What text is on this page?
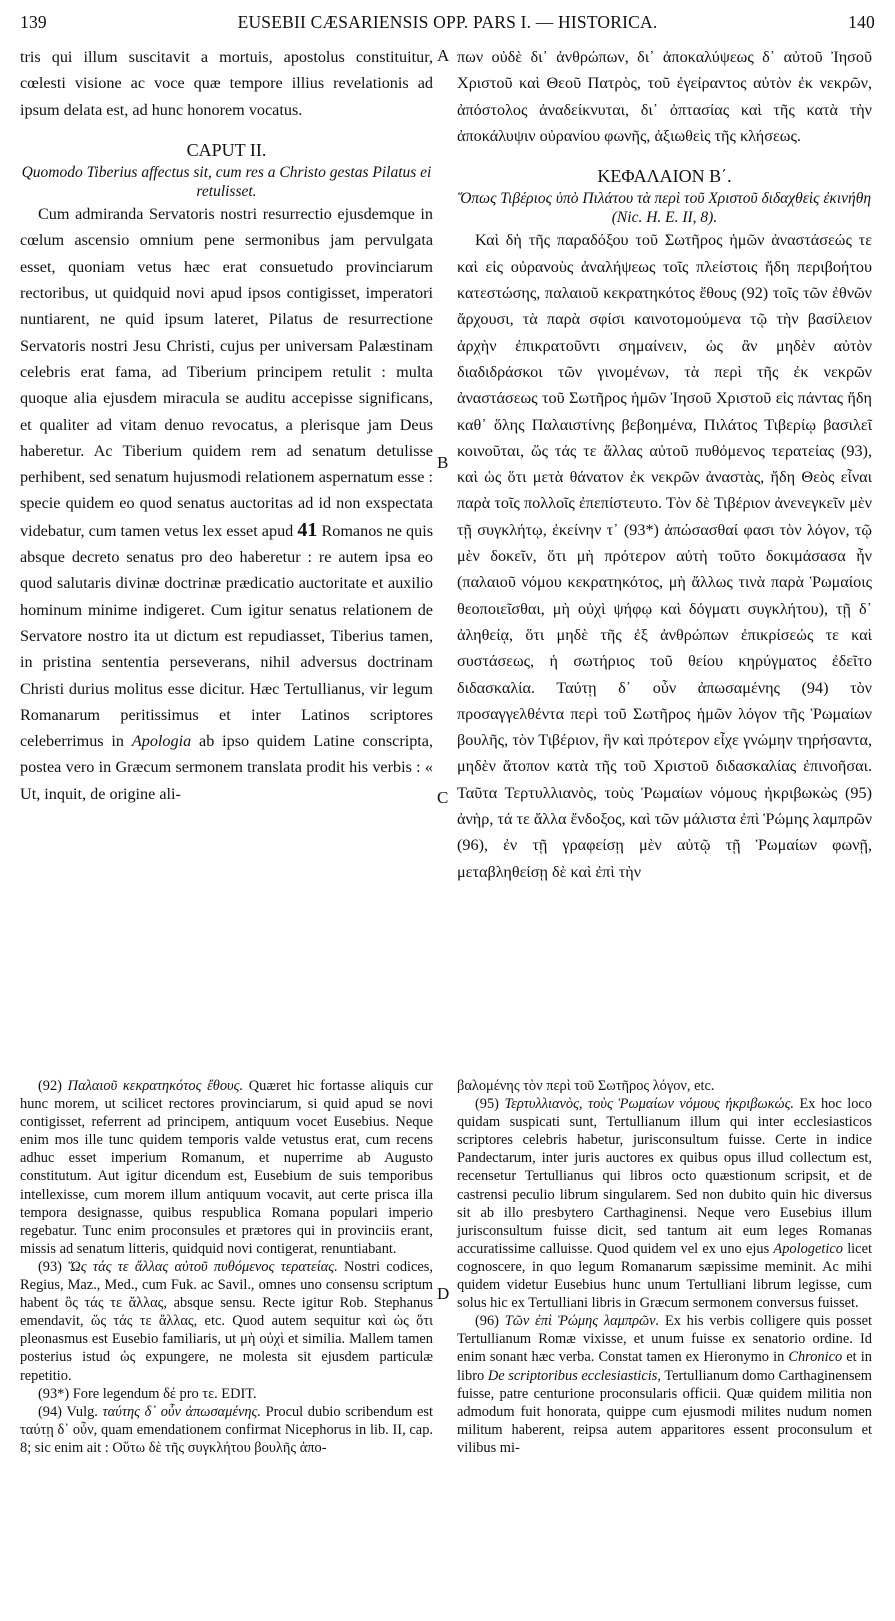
139	EUSEBII CÆSARIENSIS OPP. PARS I. — HISTORICA.	140

tris qui illum suscitavit a mortuis, apostolus constituitur, cœlesti visione ac voce quæ tempore illius revelationis ad ipsum delata est, ad hunc honorem vocatus.

CAPUT II.

Quomodo Tiberius affectus sit, cum res a Christo gestas Pilatus ei retulisset.

Cum admiranda Servatoris nostri resurrectio ejusdemque in cœlum ascensio omnium pene sermonibus jam pervulgata esset, quoniam vetus hæc erat consuetudo provinciarum rectoribus, ut quidquid novi apud ipsos contigisset, imperatori nuntiarent, ne quid ipsum lateret, Pilatus de resurrectione Servatoris nostri Jesu Christi, cujus per universam Palæstinam celebris erat fama, ad Tiberium principem retulit : multa quoque alia ejusdem miracula se auditu accepisse significans, et qualiter ad vitam denuo revocatus, a plerisque jam Deus haberetur. Ac Tiberium quidem rem ad senatum detulisse perhibent, sed senatum hujusmodi relationem aspernatum esse : specie quidem eo quod senatus auctoritas ad id non exspectata videbatur, cum tamen vetus lex esset apud 41 Romanos ne quis absque decreto senatus pro deo haberetur : re autem ipsa eo quod salutaris divinæ doctrinæ prædicatio auctoritate et auxilio hominum minime indigeret. Cum igitur senatus relationem de Servatore nostro ita ut dictum est repudiasset, Tiberius tamen, in pristina sententia perseverans, nihil adversus doctrinam Christi durius molitus esse dicitur. Hæc Tertullianus, vir legum Romanarum peritissimus et inter Latinos scriptores celeberrimus in Apologia ab ipso quidem Latine conscripta, postea vero in Græcum sermonem translata prodit his verbis : « Ut, inquit, de origine ali-

A
B
C
D

πων οὐδὲ δι᾽ ἀνθρώπων, δι᾽ ἀποκαλύψεως δ᾽ αὐτοῦ Ἰησοῦ Χριστοῦ καὶ Θεοῦ Πατρὸς, τοῦ ἐγείραντος αὐτὸν ἐκ νεκρῶν, ἀπόστολος ἀναδείκνυται, δι᾽ ὀπτασίας καὶ τῆς κατὰ τὴν ἀποκάλυψιν οὐρανίου φωνῆς, ἀξιωθεὶς τῆς κλήσεως.

ΚΕΦΑΛΑΙΟΝ Β΄.

Ὅπως Τιβέριος ὑπὸ Πιλάτου τὰ περὶ τοῦ Χριστοῦ διδαχθεὶς ἐκινήθη (Nic. H. E. II, 8).

Καὶ δὴ τῆς παραδόξου τοῦ Σωτῆρος ἡμῶν ἀναστάσεώς τε καὶ εἰς οὐρανοὺς ἀναλήψεως τοῖς πλείστοις ἤδη περιβοήτου κατεστώσης, παλαιοῦ κεκρατηκότος ἔθους (92) τοῖς τῶν ἐθνῶν ἄρχουσι, τὰ παρὰ σφίσι καινοτομούμενα τῷ τὴν βασίλειον ἀρχὴν ἐπικρατοῦντι σημαίνειν, ὡς ἂν μηδὲν αὐτὸν διαδιδράσκοι τῶν γινομένων, τὰ περὶ τῆς ἐκ νεκρῶν ἀναστάσεως τοῦ Σωτῆρος ἡμῶν Ἰησοῦ Χριστοῦ εἰς πάντας ἤδη καθ᾽ ὅλης Παλαιστίνης βεβοημένα, Πιλάτος Τιβερίῳ βασιλεῖ κοινοῦται, ὥς τάς τε ἄλλας αὐτοῦ πυθόμενος τερατείας (93), καὶ ὡς ὅτι μετὰ θάνατον ἐκ νεκρῶν ἀναστὰς, ἤδη Θεὸς εἶναι παρὰ τοῖς πολλοῖς ἐπεπίστευτο. Τὸν δὲ Τιβέριον ἀνενεγκεῖν μὲν τῇ συγκλήτῳ, ἐκείνην τ᾽ (93*) ἀπώσασθαί φασι τὸν λόγον, τῷ μὲν δοκεῖν, ὅτι μὴ πρότερον αὐτὴ τοῦτο δοκιμάσασα ἦν (παλαιοῦ νόμου κεκρατηκότος, μὴ ἄλλως τινὰ παρὰ Ῥωμαίοις θεοποιεῖσθαι, μὴ οὐχὶ ψήφῳ καὶ δόγματι συγκλήτου), τῇ δ᾽ ἀληθείᾳ, ὅτι μηδὲ τῆς ἐξ ἀνθρώπων ἐπικρίσεώς τε καὶ συστάσεως, ἡ σωτήριος τοῦ θείου κηρύγματος ἐδεῖτο διδασκαλία. Ταύτῃ δ᾽ οὖν ἀπωσαμένης (94) τὸν προσαγγελθέντα περὶ τοῦ Σωτῆρος ἡμῶν λόγον τῆς Ῥωμαίων βουλῆς, τὸν Τιβέριον, ἣν καὶ πρότερον εἶχε γνώμην τηρήσαντα, μηδὲν ἄτοπον κατὰ τῆς τοῦ Χριστοῦ διδασκαλίας ἐπινοῆσαι. Ταῦτα Τερτυλλιανὸς, τοὺς Ῥωμαίων νόμους ἠκριβωκὼς (95) ἀνὴρ, τά τε ἄλλα ἔνδοξος, καὶ τῶν μάλιστα ἐπὶ Ῥώμης λαμπρῶν (96), ἐν τῇ γραφείσῃ μὲν αὐτῷ τῇ Ῥωμαίων φωνῇ, μεταβληθείσῃ δὲ καὶ ἐπὶ τὴν

(92) Παλαιοῦ κεκρατηκότος ἔθους. Quæret hic fortasse aliquis cur hunc morem, ut scilicet rectores provinciarum, si quid apud se novi contigisset, referrent ad principem, antiquum vocet Eusebius. Neque enim mos ille tunc quidem temporis valde vetustus erat, cum recens adhuc esset imperium Romanum, et nuperrime ab Augusto constitutum. Aut igitur dicendum est, Eusebium de suis temporibus intellexisse, cum morem illum antiquum vocavit, aut certe prisca illa tempora designasse, quibus respublica Romana populari imperio regebatur. Tunc enim proconsules et prætores qui in provinciis erant, missis ad senatum litteris, quidquid novi contigerat, renuntiabant.

(93) Ὥς τάς τε ἄλλας αὐτοῦ πυθόμενος τερατείας. Nostri codices, Regius, Maz., Med., cum Fuk. ac Savil., omnes uno consensu scriptum habent ὃς τάς τε ἄλλας, absque sensu. Recte igitur Rob. Stephanus emendavit, ὥς τάς τε ἄλλας, etc. Quod autem sequitur καὶ ὡς ὅτι pleonasmus est Eusebio familiaris, ut μὴ οὐχὶ et similia. Mallem tamen posterius istud ὡς expungere, ne molesta sit ejusdem particulæ repetitio.

(93*) Fore legendum δέ pro τε. EDIT.

(94) Vulg. ταύτης δ᾽ οὖν ἀπωσαμένης. Procul dubio scribendum est ταύτῃ δ᾽ οὖν, quam emendationem confirmat Nicephorus in lib. II, cap. 8; sic enim ait : Οὕτω δὲ τῆς συγκλήτου βουλῆς ἀπο-

βαλομένης τὸν περὶ τοῦ Σωτῆρος λόγον, etc.

(95) Τερτυλλιανὸς, τοὺς Ῥωμαίων νόμους ἠκριβωκώς. Ex hoc loco quidam suspicati sunt, Tertullianum illum qui inter ecclesiasticos scriptores celebris habetur, jurisconsultum fuisse. Certe in indice Pandectarum, inter juris auctores ex quibus opus illud collectum est, recensetur Tertullianus qui libros octo quæstionum scripsit, et de castrensi peculio librum singularem. Sed non dubito quin hic diversus sit ab illo presbytero Carthaginensi. Neque vero Eusebius illum jurisconsultum fuisse dicit, sed tantum ait eum leges Romanas accuratissime calluisse. Quod quidem vel ex uno ejus Apologetico licet cognoscere, in quo legum Romanarum sæpissime meminit. Ac mihi quidem videtur Eusebius hunc unum Tertulliani librum legisse, cum solus hic ex Tertulliani libris in Græcum sermonem conversus fuisset.

(96) Τῶν ἐπὶ Ῥώμης λαμπρῶν. Ex his verbis colligere quis posset Tertullianum Romæ vixisse, et unum fuisse ex senatorio ordine. Id enim sonant hæc verba. Constat tamen ex Hieronymo in Chronico et in libro De scriptoribus ecclesiasticis, Tertullianum domo Carthaginensem fuisse, patre centurione proconsularis officii. Quæ quidem militia non admodum fuit honorata, quippe cum ejusmodi milites nudum nomen militum haberent, reipsa autem apparitores essent proconsulum et vilibus mi-
